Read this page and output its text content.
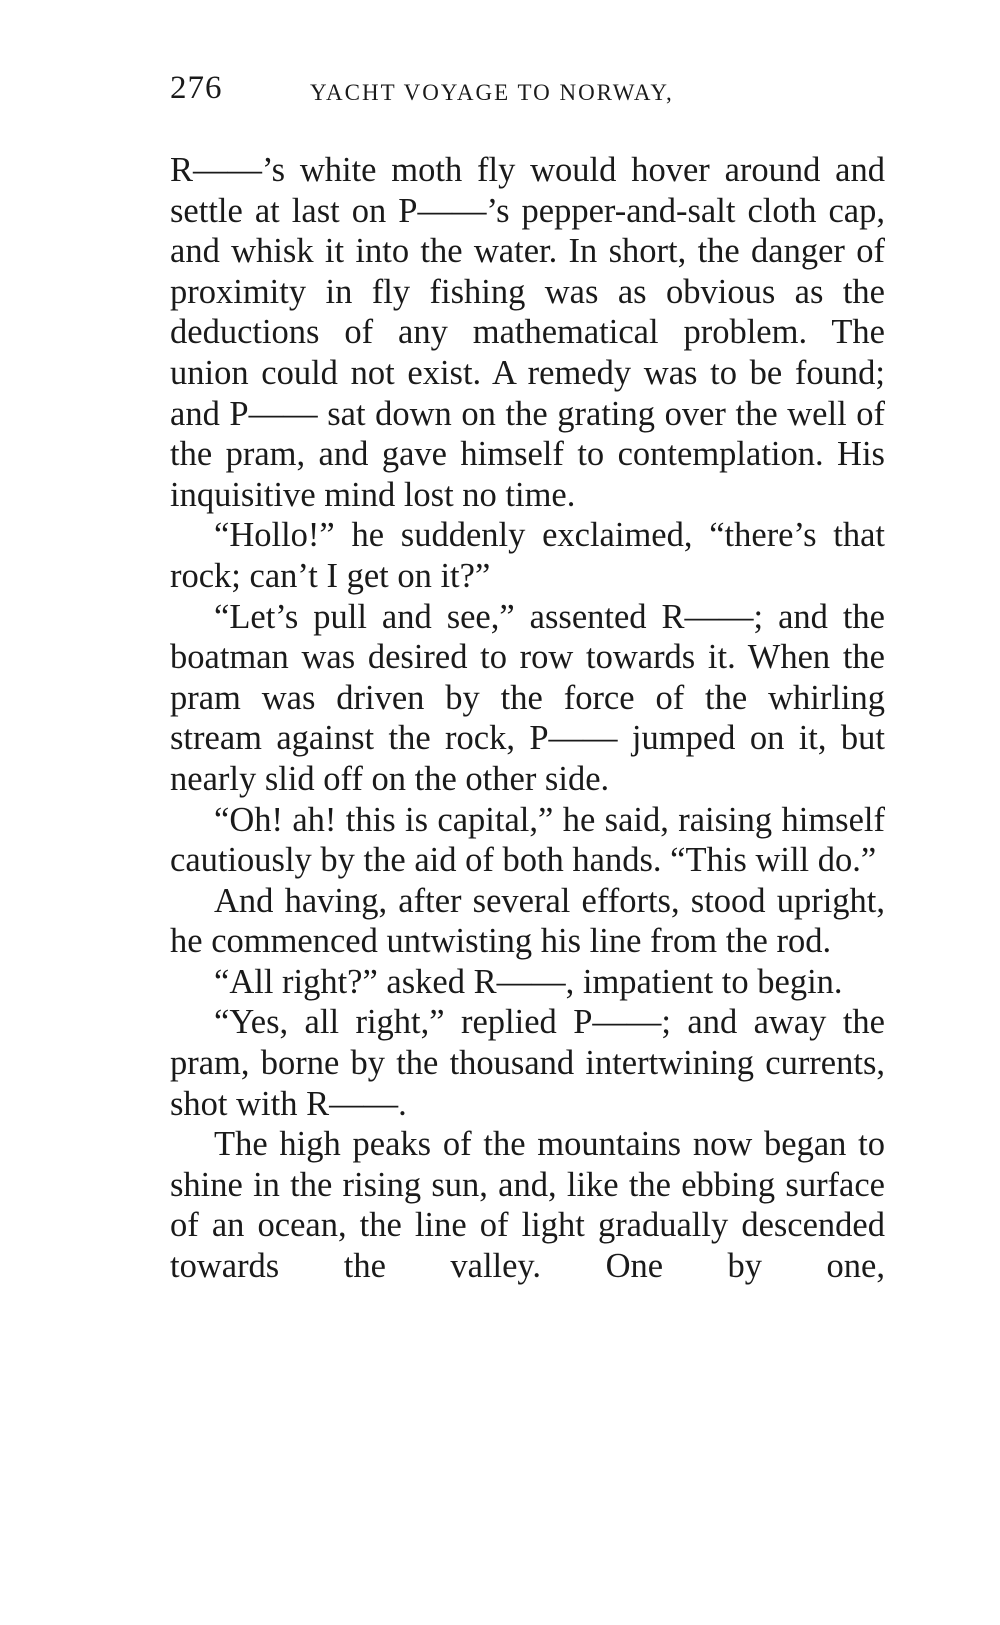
276	YACHT VOYAGE TO NORWAY,

R——’s white moth fly would hover around and settle at last on P——’s pepper-and-salt cloth cap, and whisk it into the water. In short, the danger of proximity in fly fishing was as obvious as the deductions of any mathematical problem. The union could not exist. A remedy was to be found; and P—— sat down on the grating over the well of the pram, and gave himself to contemplation. His inquisitive mind lost no time.

“Hollo!” he suddenly exclaimed, “there’s that rock; can’t I get on it?”

“Let’s pull and see,” assented R——; and the boatman was desired to row towards it. When the pram was driven by the force of the whirling stream against the rock, P—— jumped on it, but nearly slid off on the other side.

“Oh! ah! this is capital,” he said, raising himself cautiously by the aid of both hands. “This will do.”

And having, after several efforts, stood upright, he commenced untwisting his line from the rod.

“All right?” asked R——, impatient to begin.

“Yes, all right,” replied P——; and away the pram, borne by the thousand intertwining currents, shot with R——.

The high peaks of the mountains now began to shine in the rising sun, and, like the ebbing surface of an ocean, the line of light gradually descended towards the valley. One by one,
